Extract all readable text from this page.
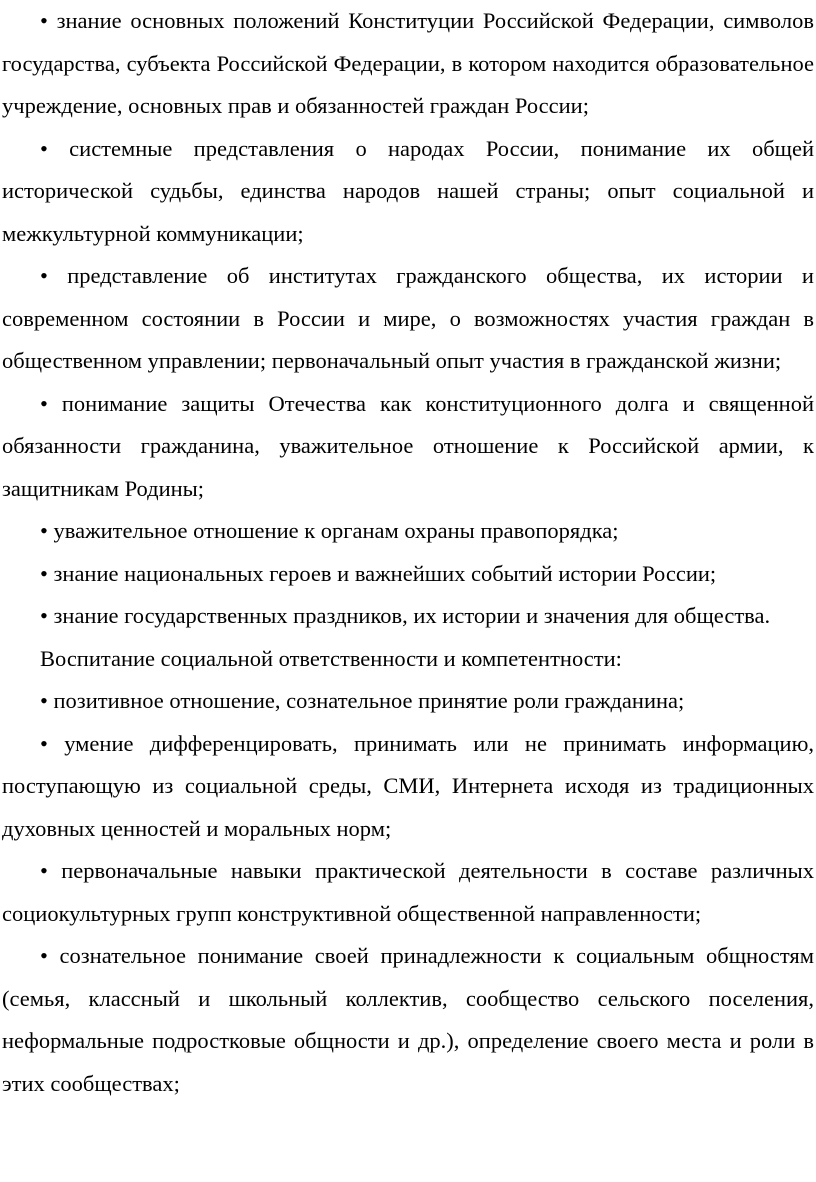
• знание основных положений Конституции Российской Федерации, символов государства, субъекта Российской Федерации, в котором находится образовательное учреждение, основных прав и обязанностей граждан России;

• системные представления о народах России, понимание их общей исторической судьбы, единства народов нашей страны; опыт социальной и межкультурной коммуникации;

• представление об институтах гражданского общества, их истории и современном состоянии в России и мире, о возможностях участия граждан в общественном управлении; первоначальный опыт участия в гражданской жизни;

• понимание защиты Отечества как конституционного долга и священной обязанности гражданина, уважительное отношение к Российской армии, к защитникам Родины;

• уважительное отношение к органам охраны правопорядка;

• знание национальных героев и важнейших событий истории России;

• знание государственных праздников, их истории и значения для общества.

Воспитание социальной ответственности и компетентности:

• позитивное отношение, сознательное принятие роли гражданина;

• умение дифференцировать, принимать или не принимать информацию, поступающую из социальной среды, СМИ, Интернета исходя из традиционных духовных ценностей и моральных норм;

• первоначальные навыки практической деятельности в составе различных социокультурных групп конструктивной общественной направленности;

• сознательное понимание своей принадлежности к социальным общностям (семья, классный и школьный коллектив, сообщество сельского поселения, неформальные подростковые общности и др.), определение своего места и роли в этих сообществах;
